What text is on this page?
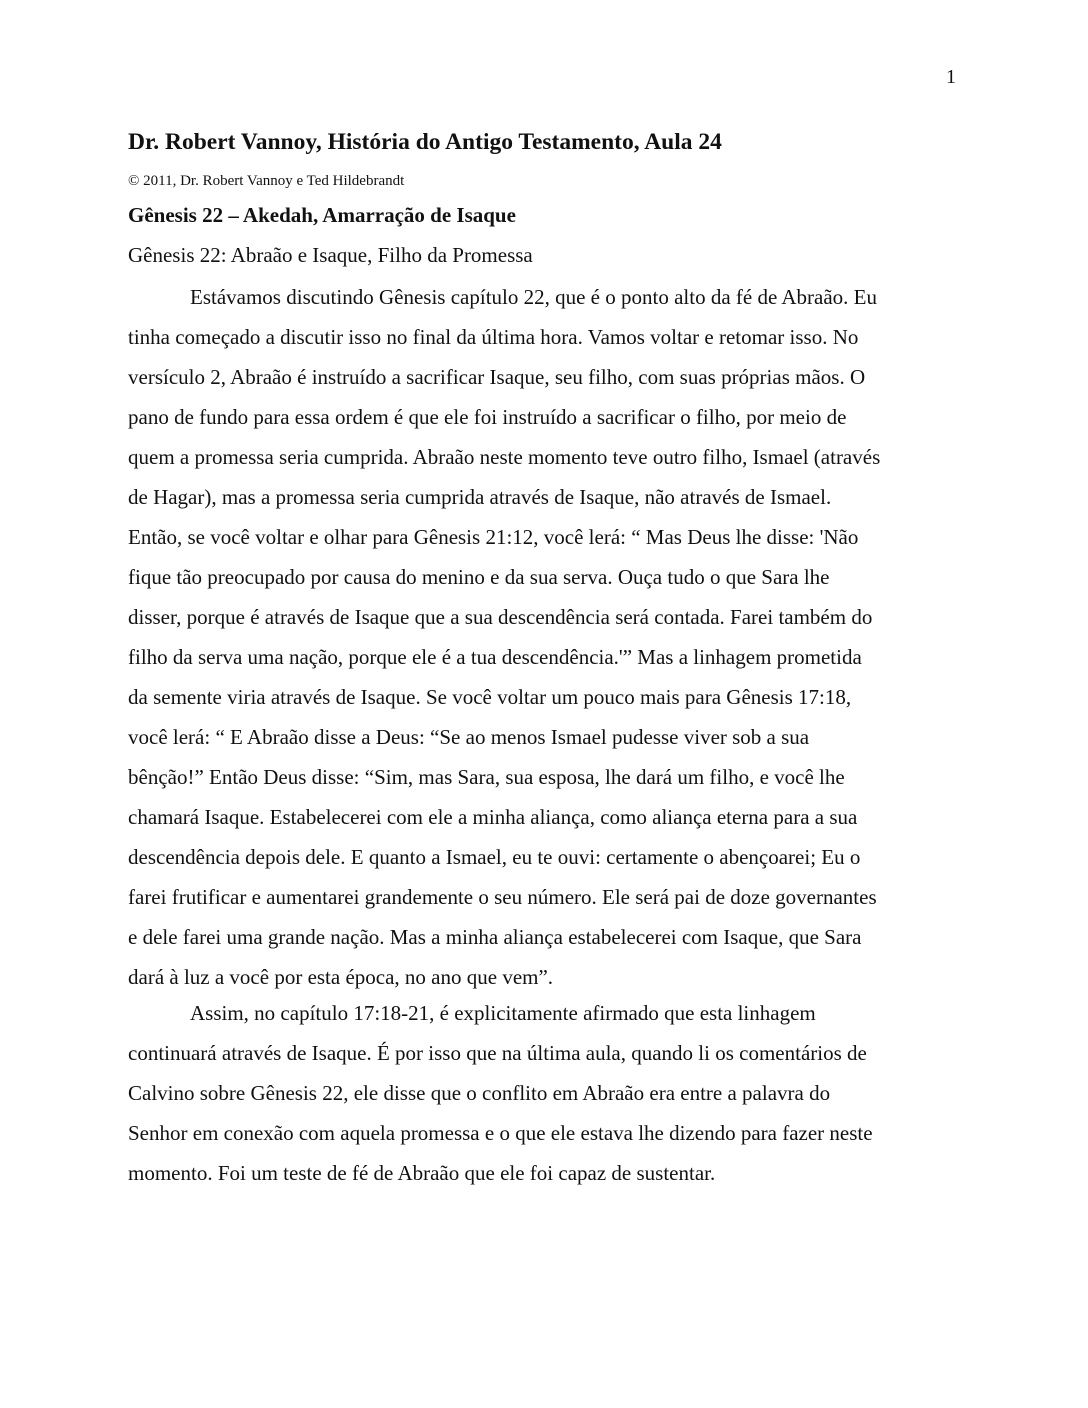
1
Dr. Robert Vannoy, História do Antigo Testamento, Aula 24
© 2011, Dr. Robert Vannoy e Ted Hildebrandt
Gênesis 22 – Akedah, Amarração de Isaque
Gênesis 22: Abraão e Isaque, Filho da Promessa
Estávamos discutindo Gênesis capítulo 22, que é o ponto alto da fé de Abraão. Eu
tinha começado a discutir isso no final da última hora. Vamos voltar e retomar isso. No
versículo 2, Abraão é instruído a sacrificar Isaque, seu filho, com suas próprias mãos. O
pano de fundo para essa ordem é que ele foi instruído a sacrificar o filho, por meio de
quem a promessa seria cumprida. Abraão neste momento teve outro filho, Ismael (através
de Hagar), mas a promessa seria cumprida através de Isaque, não através de Ismael.
Então, se você voltar e olhar para Gênesis 21:12, você lerá: “ Mas Deus lhe disse: 'Não
fique tão preocupado por causa do menino e da sua serva. Ouça tudo o que Sara lhe
disser, porque é através de Isaque que a sua descendência será contada. Farei também do
filho da serva uma nação, porque ele é a tua descendência.'” Mas a linhagem prometida
da semente viria através de Isaque. Se você voltar um pouco mais para Gênesis 17:18,
você lerá: “ E Abraão disse a Deus: “Se ao menos Ismael pudesse viver sob a sua
bênção!” Então Deus disse: “Sim, mas Sara, sua esposa, lhe dará um filho, e você lhe
chamará Isaque. Estabelecerei com ele a minha aliança, como aliança eterna para a sua
descendência depois dele. E quanto a Ismael, eu te ouvi: certamente o abençoarei; Eu o
farei frutificar e aumentarei grandemente o seu número. Ele será pai de doze governantes
e dele farei uma grande nação. Mas a minha aliança estabelecerei com Isaque, que Sara
dará à luz a você por esta época, no ano que vem”.
Assim, no capítulo 17:18-21, é explicitamente afirmado que esta linhagem
continuará através de Isaque. É por isso que na última aula, quando li os comentários de
Calvino sobre Gênesis 22, ele disse que o conflito em Abraão era entre a palavra do
Senhor em conexão com aquela promessa e o que ele estava lhe dizendo para fazer neste
momento. Foi um teste de fé de Abraão que ele foi capaz de sustentar.
